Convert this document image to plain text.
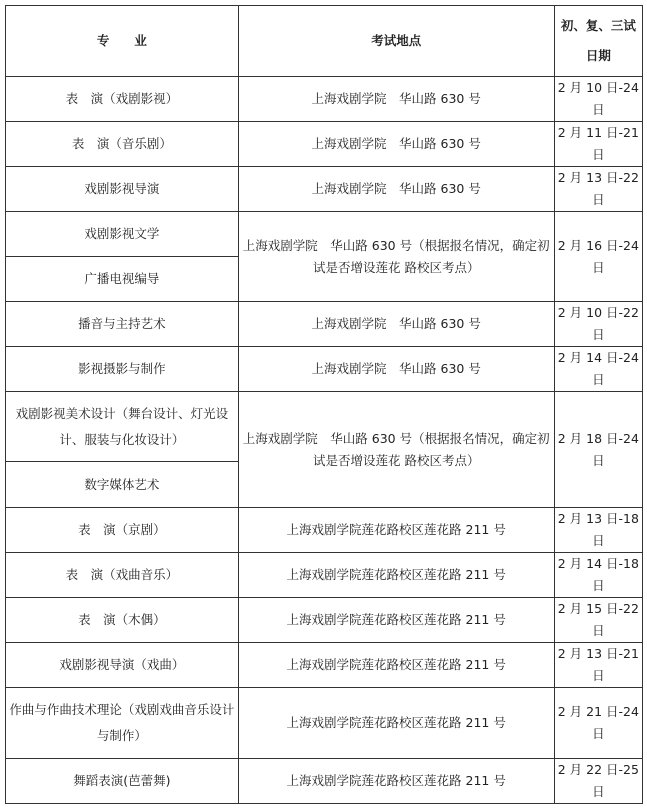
专　　业	考试地点	初、复、三试日期
表　演（戏剧影视）	上海戏剧学院　华山路 630 号	2 月 10 日-24 日
表　演（音乐剧）	上海戏剧学院　华山路 630 号	2 月 11 日-21 日
戏剧影视导演	上海戏剧学院　华山路 630 号	2 月 13 日-22 日
戏剧影视文学	上海戏剧学院　华山路 630 号（根据报名情况，确定初试是否增设莲花 路校区考点）	2 月 16 日-24 日
广播电视编导		
播音与主持艺术	上海戏剧学院　华山路 630 号	2 月 10 日-22 日
影视摄影与制作	上海戏剧学院　华山路 630 号	2 月 14 日-24 日
戏剧影视美术设计（舞台设计、灯光设计、服装与化妆设计）	上海戏剧学院　华山路 630 号（根据报名情况，确定初试是否增设莲花 路校区考点）	2 月 18 日-24 日
数字媒体艺术		
表　演（京剧）	上海戏剧学院莲花路校区莲花路 211 号	2 月 13 日-18 日
表　演（戏曲音乐）	上海戏剧学院莲花路校区莲花路 211 号	2 月 14 日-18 日
表　演（木偶）	上海戏剧学院莲花路校区莲花路 211 号	2 月 15 日-22 日
戏剧影视导演（戏曲）	上海戏剧学院莲花路校区莲花路 211 号	2 月 13 日-21 日
作曲与作曲技术理论（戏剧戏曲音乐设计与制作）	上海戏剧学院莲花路校区莲花路 211 号	2 月 21 日-24 日
舞蹈表演(芭蕾舞)	上海戏剧学院莲花路校区莲花路 211 号	2 月 22 日-25 日
